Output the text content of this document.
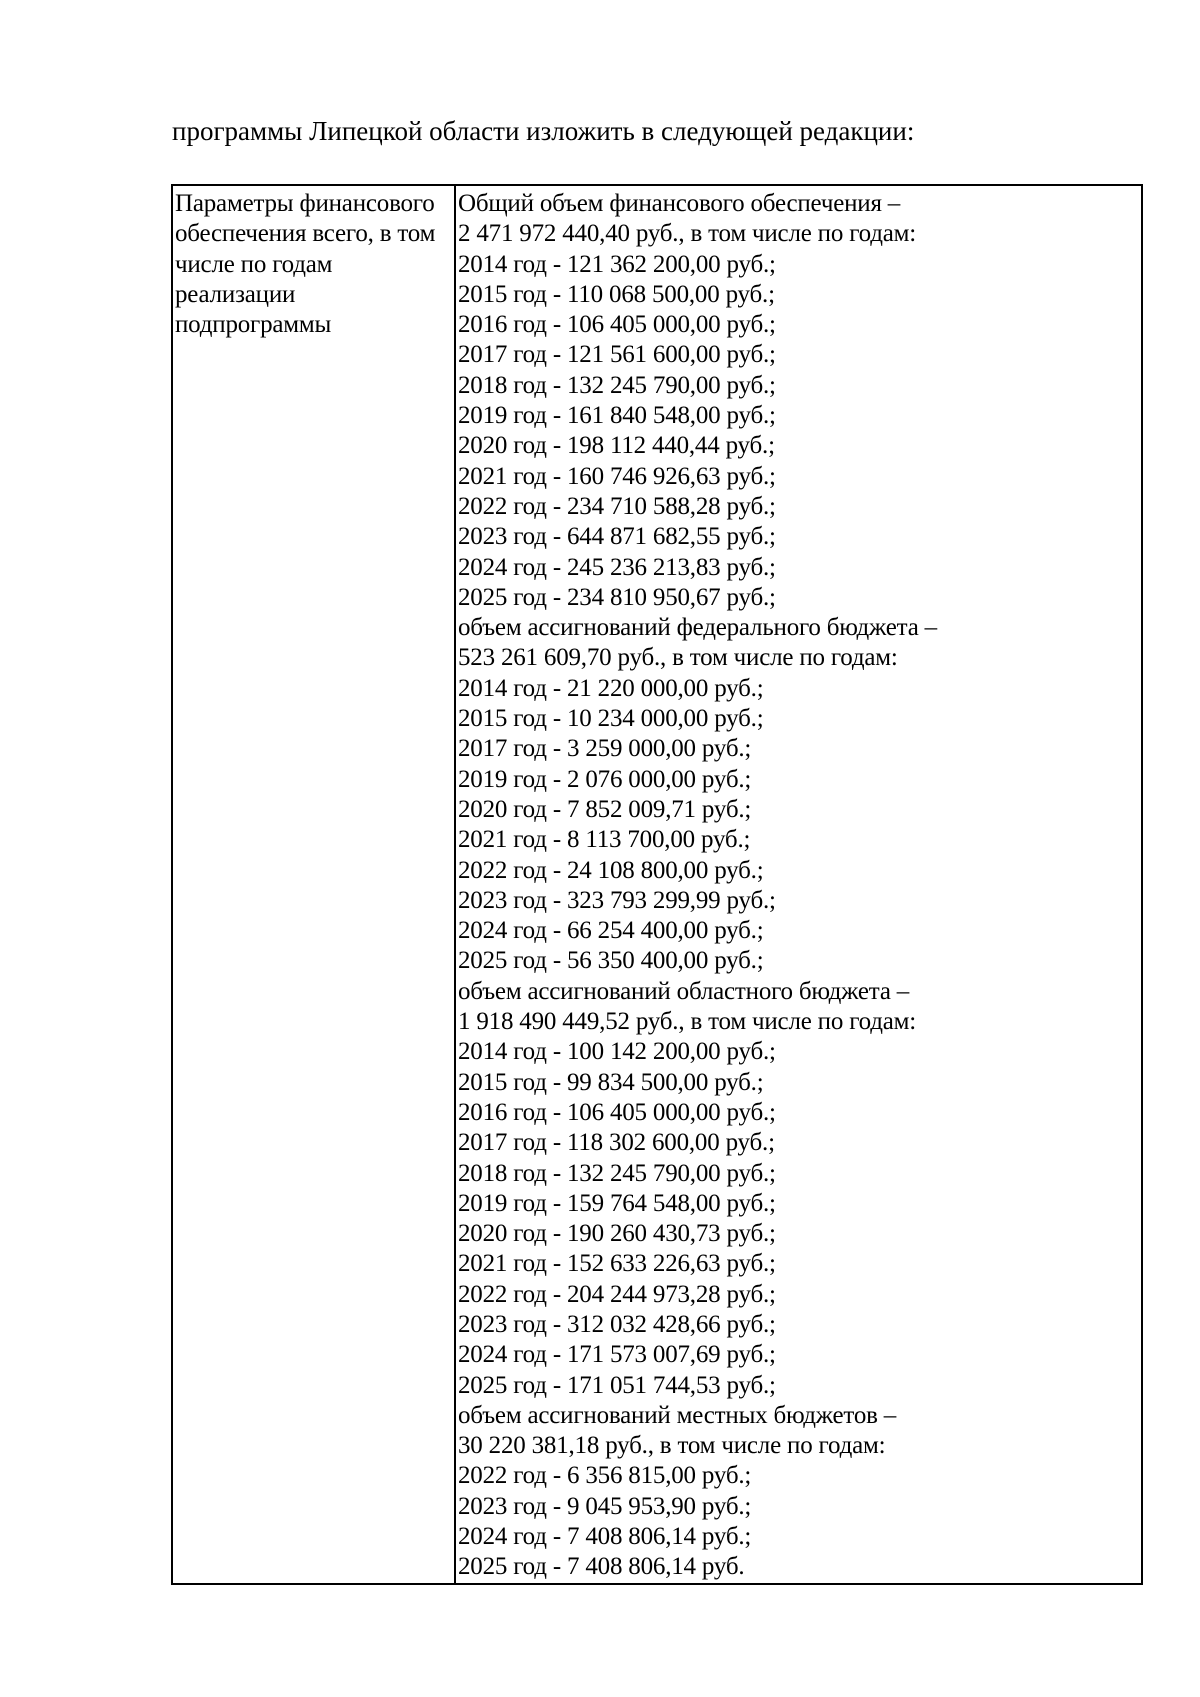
программы Липецкой области изложить в следующей редакции:
Параметры финансового
обеспечения всего, в том
числе по годам
реализации
подпрограммы
Общий объем финансового обеспечения –
2 471 972 440,40 руб., в том числе по годам:
2014 год - 121 362 200,00 руб.;
2015 год - 110 068 500,00 руб.;
2016 год - 106 405 000,00 руб.;
2017 год - 121 561 600,00 руб.;
2018 год - 132 245 790,00 руб.;
2019 год - 161 840 548,00 руб.;
2020 год - 198 112 440,44 руб.;
2021 год - 160 746 926,63 руб.;
2022 год - 234 710 588,28 руб.;
2023 год - 644 871 682,55 руб.;
2024 год - 245 236 213,83 руб.;
2025 год - 234 810 950,67 руб.;
объем ассигнований федерального бюджета –
523 261 609,70 руб., в том числе по годам:
2014 год - 21 220 000,00 руб.;
2015 год - 10 234 000,00 руб.;
2017 год - 3 259 000,00 руб.;
2019 год - 2 076 000,00 руб.;
2020 год - 7 852 009,71 руб.;
2021 год - 8 113 700,00 руб.;
2022 год - 24 108 800,00 руб.;
2023 год - 323 793 299,99 руб.;
2024 год - 66 254 400,00 руб.;
2025 год - 56 350 400,00 руб.;
объем ассигнований областного бюджета –
1 918 490 449,52 руб., в том числе по годам:
2014 год - 100 142 200,00 руб.;
2015 год - 99 834 500,00 руб.;
2016 год - 106 405 000,00 руб.;
2017 год - 118 302 600,00 руб.;
2018 год - 132 245 790,00 руб.;
2019 год - 159 764 548,00 руб.;
2020 год - 190 260 430,73 руб.;
2021 год - 152 633 226,63 руб.;
2022 год - 204 244 973,28 руб.;
2023 год - 312 032 428,66 руб.;
2024 год - 171 573 007,69 руб.;
2025 год - 171 051 744,53 руб.;
объем ассигнований местных бюджетов –
30 220 381,18 руб., в том числе по годам:
2022 год - 6 356 815,00 руб.;
2023 год - 9 045 953,90 руб.;
2024 год - 7 408 806,14 руб.;
2025 год - 7 408 806,14 руб.
